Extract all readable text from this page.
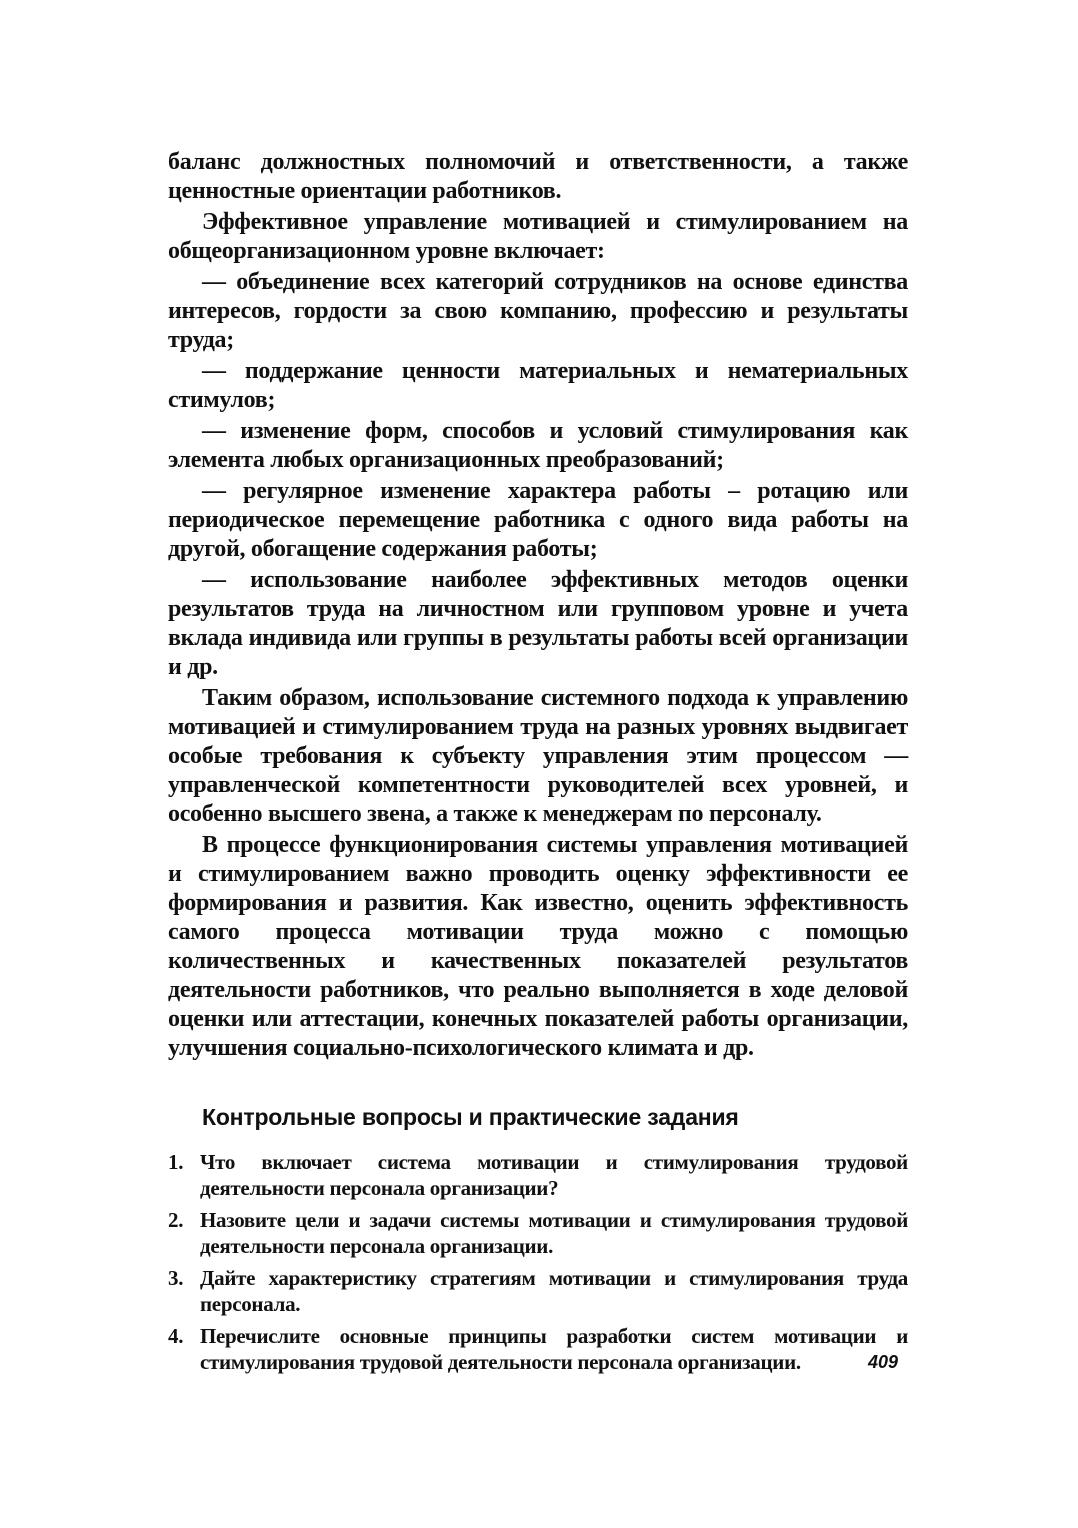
баланс должностных полномочий и ответственности, а также ценностные ориентации работников.

Эффективное управление мотивацией и стимулированием на общеорганизационном уровне включает:

— объединение всех категорий сотрудников на основе единства интересов, гордости за свою компанию, профессию и результаты труда;

— поддержание ценности материальных и нематериальных стимулов;

— изменение форм, способов и условий стимулирования как элемента любых организационных преобразований;

— регулярное изменение характера работы – ротацию или периодическое перемещение работника с одного вида работы на другой, обогащение содержания работы;

— использование наиболее эффективных методов оценки результатов труда на личностном или групповом уровне и учета вклада индивида или группы в результаты работы всей организации и др.

Таким образом, использование системного подхода к управлению мотивацией и стимулированием труда на разных уровнях выдвигает особые требования к субъекту управления этим процессом — управленческой компетентности руководителей всех уровней, и особенно высшего звена, а также к менеджерам по персоналу.

В процессе функционирования системы управления мотивацией и стимулированием важно проводить оценку эффективности ее формирования и развития. Как известно, оценить эффективность самого процесса мотивации труда можно с помощью количественных и качественных показателей результатов деятельности работников, что реально выполняется в ходе деловой оценки или аттестации, конечных показателей работы организации, улучшения социально-психологического климата и др.

Контрольные вопросы и практические задания
1. Что включает система мотивации и стимулирования трудовой деятельности персонала организации?
2. Назовите цели и задачи системы мотивации и стимулирования трудовой деятельности персонала организации.
3. Дайте характеристику стратегиям мотивации и стимулирования труда персонала.
4. Перечислите основные принципы разработки систем мотивации и стимулирования трудовой деятельности персонала организации.	409
